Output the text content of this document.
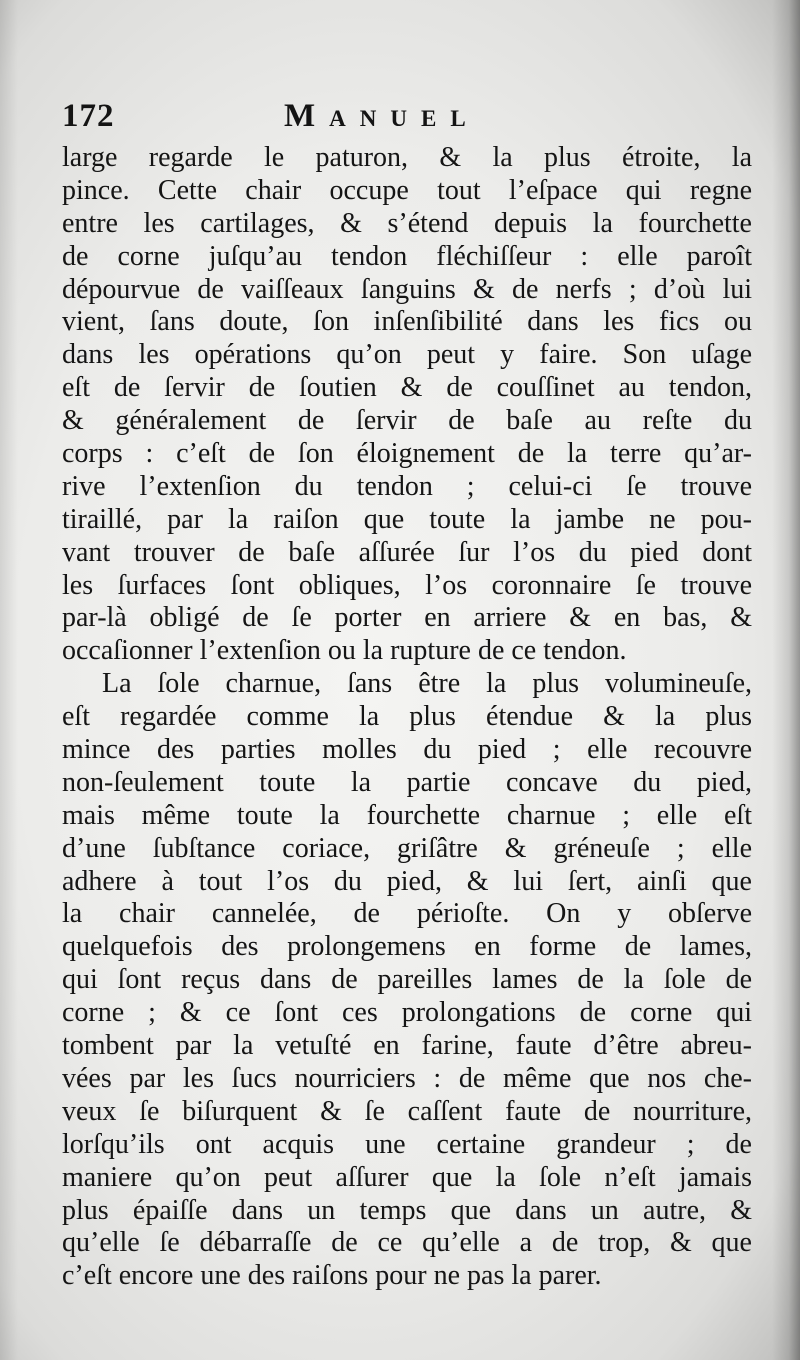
172	Manuel
large regarde le paturon, & la plus étroite, la
pince. Cette chair occupe tout l’eſpace qui regne
entre les cartilages, & s’étend depuis la fourchette
de corne juſqu’au tendon fléchiſſeur : elle paroît
dépourvue de vaiſſeaux ſanguins & de nerfs ; d’où lui
vient, ſans doute, ſon inſenſibilité dans les fics ou
dans les opérations qu’on peut y faire. Son uſage
eſt de ſervir de ſoutien & de couſſinet au tendon,
& généralement de ſervir de baſe au reſte du
corps : c’eſt de ſon éloignement de la terre qu’ar-
rive l’extenſion du tendon ; celui-ci ſe trouve
tiraillé, par la raiſon que toute la jambe ne pou-
vant trouver de baſe aſſurée ſur l’os du pied dont
les ſurfaces ſont obliques, l’os coronnaire ſe trouve
par-là obligé de ſe porter en arriere & en bas, &
occaſionner l’extenſion ou la rupture de ce tendon.
La ſole charnue, ſans être la plus volumineuſe,
eſt regardée comme la plus étendue & la plus
mince des parties molles du pied ; elle recouvre
non-ſeulement toute la partie concave du pied,
mais même toute la fourchette charnue ; elle eſt
d’une ſubſtance coriace, griſâtre & gréneuſe ; elle
adhere à tout l’os du pied, & lui ſert, ainſi que
la chair cannelée, de périoſte. On y obſerve
quelquefois des prolongemens en forme de lames,
qui ſont reçus dans de pareilles lames de la ſole de
corne ; & ce ſont ces prolongations de corne qui
tombent par la vetuſté en farine, faute d’être abreu-
vées par les ſucs nourriciers : de même que nos che-
veux ſe biſurquent & ſe caſſent faute de nourriture,
lorſqu’ils ont acquis une certaine grandeur ; de
maniere qu’on peut aſſurer que la ſole n’eſt jamais
plus épaiſſe dans un temps que dans un autre, &
qu’elle ſe débarraſſe de ce qu’elle a de trop, & que
c’eſt encore une des raiſons pour ne pas la parer.
